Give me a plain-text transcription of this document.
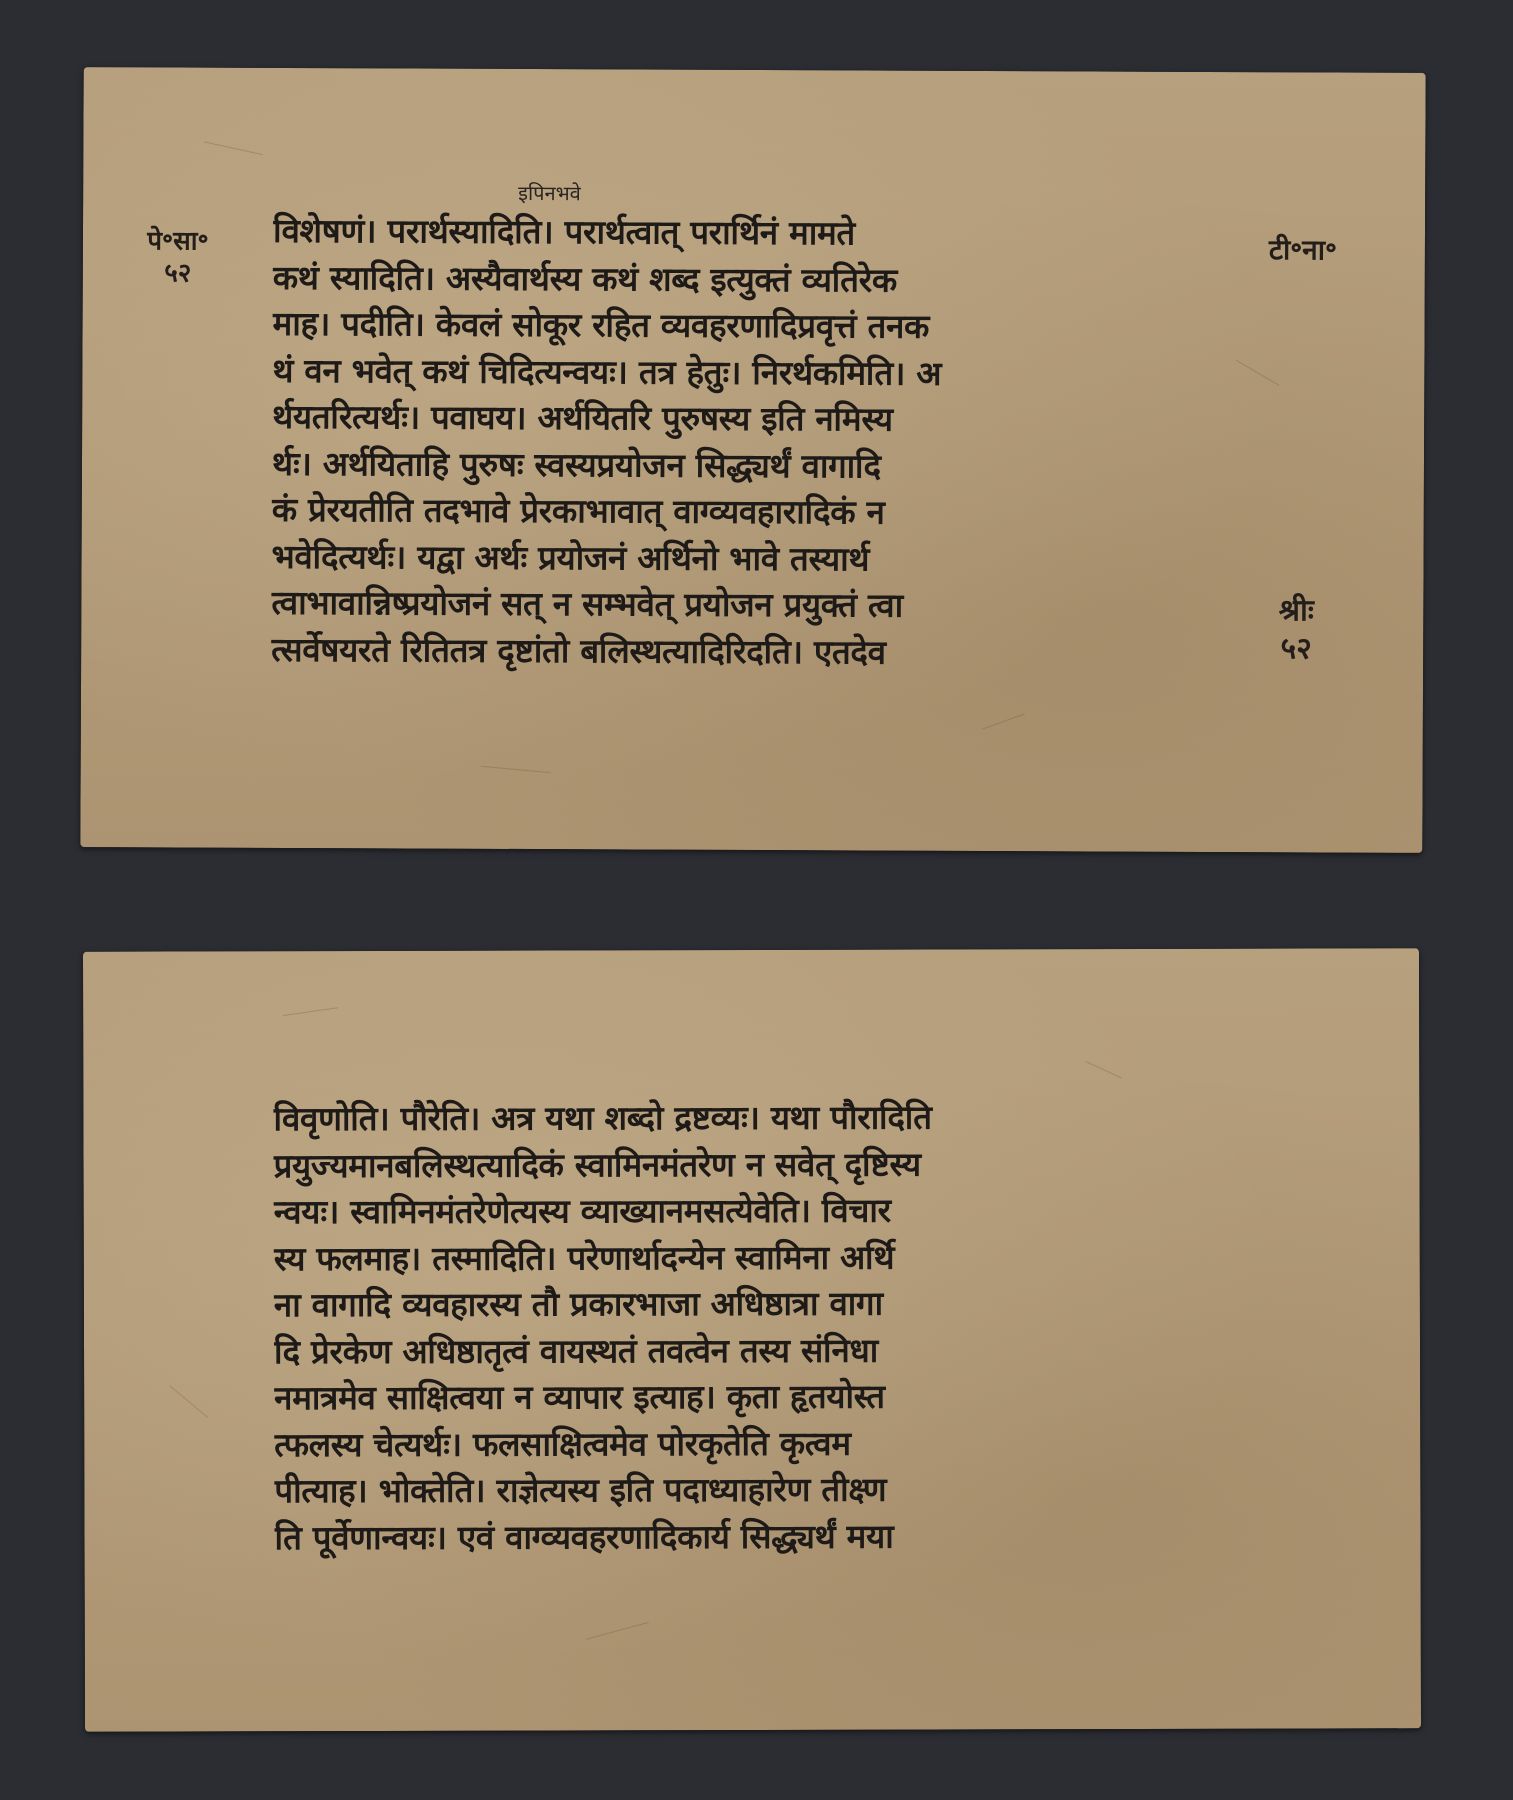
इपिनभवे
पे॰सा॰
५२
टी॰ना॰
श्रीः
५२
विशेषणं। परार्थस्यादिति। परार्थत्वात् परार्थिनं मामते
कथं स्यादिति। अस्यैवार्थस्य कथं शब्द इत्युक्तं व्यतिरेक
माह। पदीति। केवलं सोकूर रहित व्यवहरणादिप्रवृत्तं तनक
थं वन भवेत् कथं चिदित्यन्वयः। तत्र हेतुः। निरर्थकमिति। अ
र्थयतरित्यर्थः। पवाघय। अर्थयितरि पुरुषस्य इति नमिस्य
र्थः। अर्थयिताहि पुरुषः स्वस्यप्रयोजन सिद्ध्यर्थं वागादि
कं प्रेरयतीति तदभावे प्रेरकाभावात् वाग्व्यवहारादिकं न
भवेदित्यर्थः। यद्वा अर्थः प्रयोजनं अर्थिनो भावे तस्यार्थ
त्वाभावान्निष्प्रयोजनं सत् न सम्भवेत् प्रयोजन प्रयुक्तं त्वा
त्सर्वेषयरते रितितत्र दृष्टांतो बलिस्थत्यादिरिदति। एतदेव
विवृणोति। पौरेति। अत्र यथा शब्दो द्रष्टव्यः। यथा पौरादिति
प्रयुज्यमानबलिस्थत्यादिकं स्वामिनमंतरेण न सवेत् दृष्टिस्य
न्वयः। स्वामिनमंतरेणेत्यस्य व्याख्यानमसत्येवेति। विचार
स्य फलमाह। तस्मादिति। परेणार्थादन्येन स्वामिना अर्थि
ना वागादि व्यवहारस्य तौ प्रकारभाजा अधिष्ठात्रा वागा
दि प्रेरकेण अधिष्ठातृत्वं वायस्थतं तवत्वेन तस्य संनिधा
नमात्रमेव साक्षित्वया न व्यापार इत्याह। कृता हृतयोस्त
त्फलस्य चेत्यर्थः। फलसाक्षित्वमेव पोरकृतेति कृत्वम
पीत्याह। भोक्तेति। राज्ञेत्यस्य इति पदाध्याहारेण तीक्ष्ण
ति पूर्वेणान्वयः। एवं वाग्व्यवहरणादिकार्य सिद्ध्यर्थं मया
